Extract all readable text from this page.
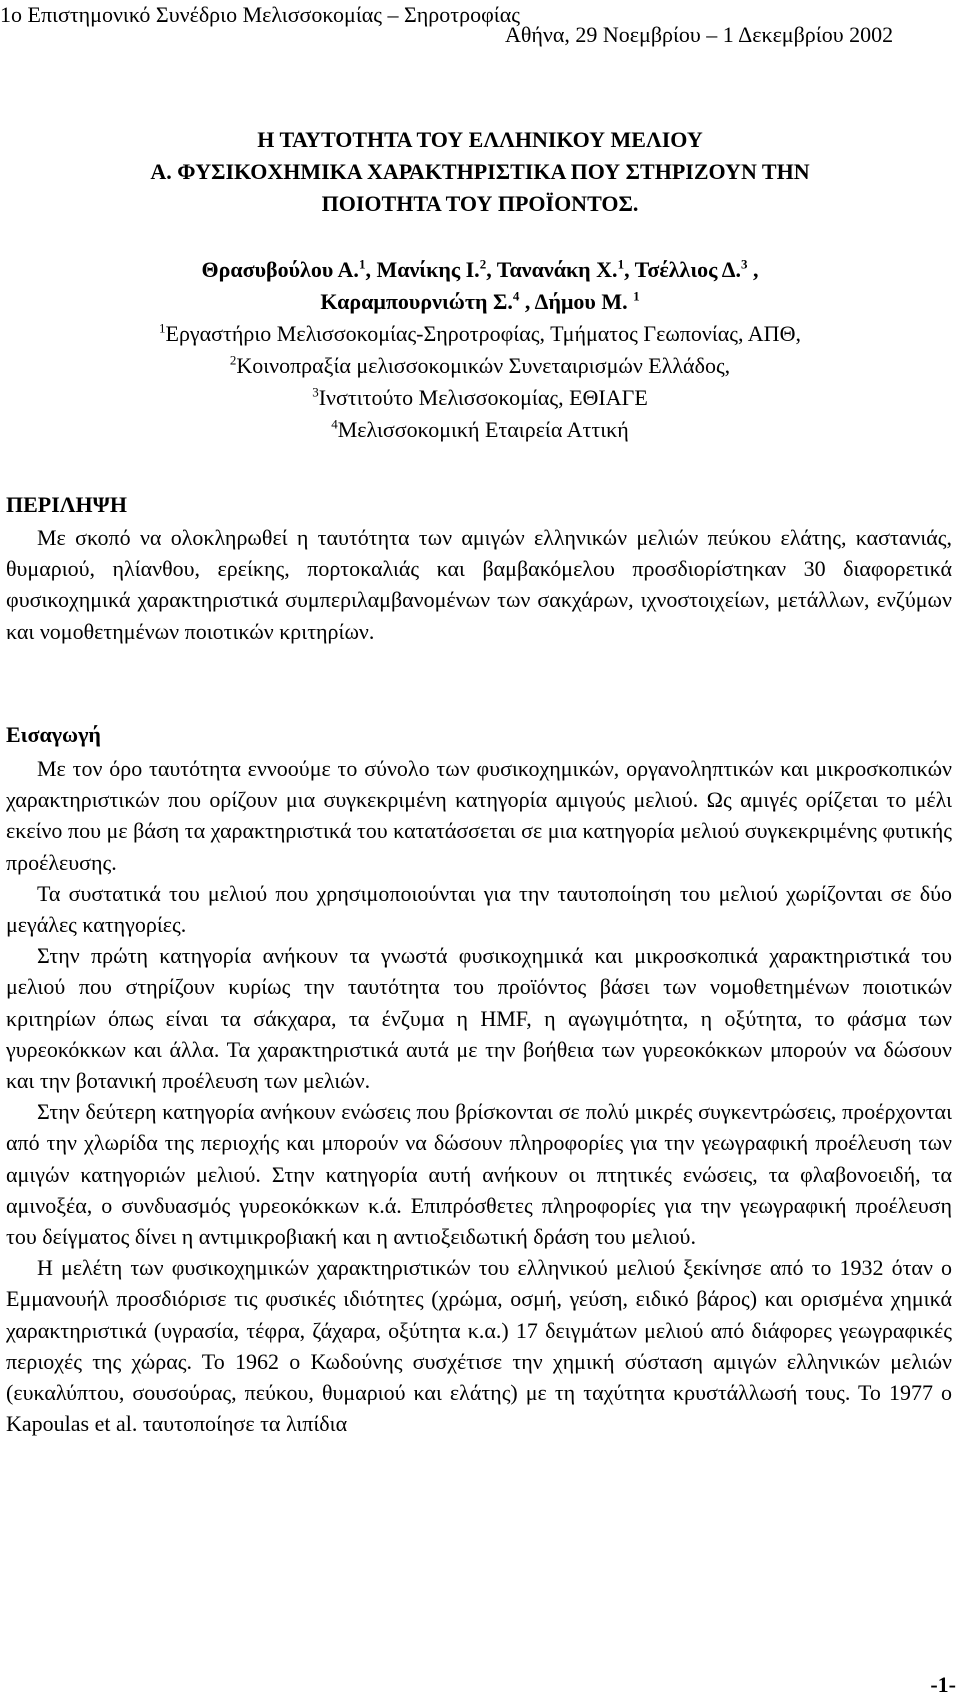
1ο Επιστημονικό Συνέδριο Μελισσοκομίας – Σηροτροφίας
Αθήνα, 29 Νοεμβρίου – 1 Δεκεμβρίου 2002
Η ΤΑΥΤΟΤΗΤΑ ΤΟΥ ΕΛΛΗΝΙΚΟΥ ΜΕΛΙΟΥ
Α. ΦΥΣΙΚΟΧΗΜΙΚΑ ΧΑΡΑΚΤΗΡΙΣΤΙΚΑ ΠΟΥ ΣΤΗΡΙΖΟΥΝ ΤΗΝ
ΠΟΙΟΤΗΤΑ ΤΟΥ ΠΡΟΪΟΝΤΟΣ.
Θρασυβούλου Α.$^1$, Μανίκης Ι.$^2$, Τανανάκη Χ.$^1$, Τσέλλιος Δ.$^3$ ,
Καραμπουρνιώτη Σ.$^4$ , Δήμου Μ. $^1$
$^1$Εργαστήριο Μελισσοκομίας-Σηροτροφίας, Τμήματος Γεωπονίας, ΑΠΘ,
$^2$Κοινοπραξία μελισσοκομικών Συνεταιρισμών Ελλάδος,
$^3$Ινστιτούτο Μελισσοκομίας, ΕΘΙΑΓΕ
$^4$Μελισσοκομική Εταιρεία Αττική
ΠΕΡΙΛΗΨΗ

Με σκοπό να ολοκληρωθεί η ταυτότητα των αμιγών ελληνικών μελιών πεύκου ελάτης, καστανιάς, θυμαριού, ηλίανθου, ερείκης, πορτοκαλιάς και βαμβακόμελου προσδιορίστηκαν 30 διαφορετικά φυσικοχημικά χαρακτηριστικά συμπεριλαμβανομένων των σακχάρων, ιχνοστοιχείων, μετάλλων, ενζύμων και νομοθετημένων ποιοτικών κριτηρίων.

Εισαγωγή

Με τον όρο ταυτότητα εννοούμε το σύνολο των φυσικοχημικών, οργανοληπτικών και μικροσκοπικών χαρακτηριστικών που ορίζουν μια συγκεκριμένη κατηγορία αμιγούς μελιού. Ως αμιγές ορίζεται το μέλι εκείνο που με βάση τα χαρακτηριστικά του κατατάσσεται σε μια κατηγορία μελιού συγκεκριμένης φυτικής προέλευσης.

Τα συστατικά του μελιού που χρησιμοποιούνται για την ταυτοποίηση του μελιού χωρίζονται σε δύο μεγάλες κατηγορίες.

Στην πρώτη κατηγορία ανήκουν τα γνωστά φυσικοχημικά και μικροσκοπικά χαρακτηριστικά του μελιού που στηρίζουν κυρίως την ταυτότητα του προϊόντος βάσει των νομοθετημένων ποιοτικών κριτηρίων όπως είναι τα σάκχαρα, τα ένζυμα η HMF, η αγωγιμότητα, η οξύτητα, το φάσμα των γυρεοκόκκων και άλλα. Τα χαρακτηριστικά αυτά με την βοήθεια των γυρεοκόκκων μπορούν να δώσουν και την βοτανική προέλευση των μελιών.

Στην δεύτερη κατηγορία ανήκουν ενώσεις που βρίσκονται σε πολύ μικρές συγκεντρώσεις, προέρχονται από την χλωρίδα της περιοχής και μπορούν να δώσουν πληροφορίες για την γεωγραφική προέλευση των αμιγών κατηγοριών μελιού. Στην κατηγορία αυτή ανήκουν οι πτητικές ενώσεις, τα φλαβονοειδή, τα αμινοξέα, ο συνδυασμός γυρεοκόκκων κ.ά. Επιπρόσθετες πληροφορίες για την γεωγραφική προέλευση του δείγματος δίνει η αντιμικροβιακή και η αντιοξειδωτική δράση του μελιού.

Η μελέτη των φυσικοχημικών χαρακτηριστικών του ελληνικού μελιού ξεκίνησε από το 1932 όταν ο Εμμανουήλ προσδιόρισε τις φυσικές ιδιότητες (χρώμα, οσμή, γεύση, ειδικό βάρος) και ορισμένα χημικά χαρακτηριστικά (υγρασία, τέφρα, ζάχαρα, οξύτητα κ.α.) 17 δειγμάτων μελιού από διάφορες γεωγραφικές περιοχές της χώρας. Το 1962 ο Κωδούνης συσχέτισε την χημική σύσταση αμιγών ελληνικών μελιών (ευκαλύπτου, σουσούρας, πεύκου, θυμαριού και ελάτης) με τη ταχύτητα κρυστάλλωσή τους. Το 1977 ο Kapoulas et al. ταυτοποίησε τα λιπίδια

-1-
